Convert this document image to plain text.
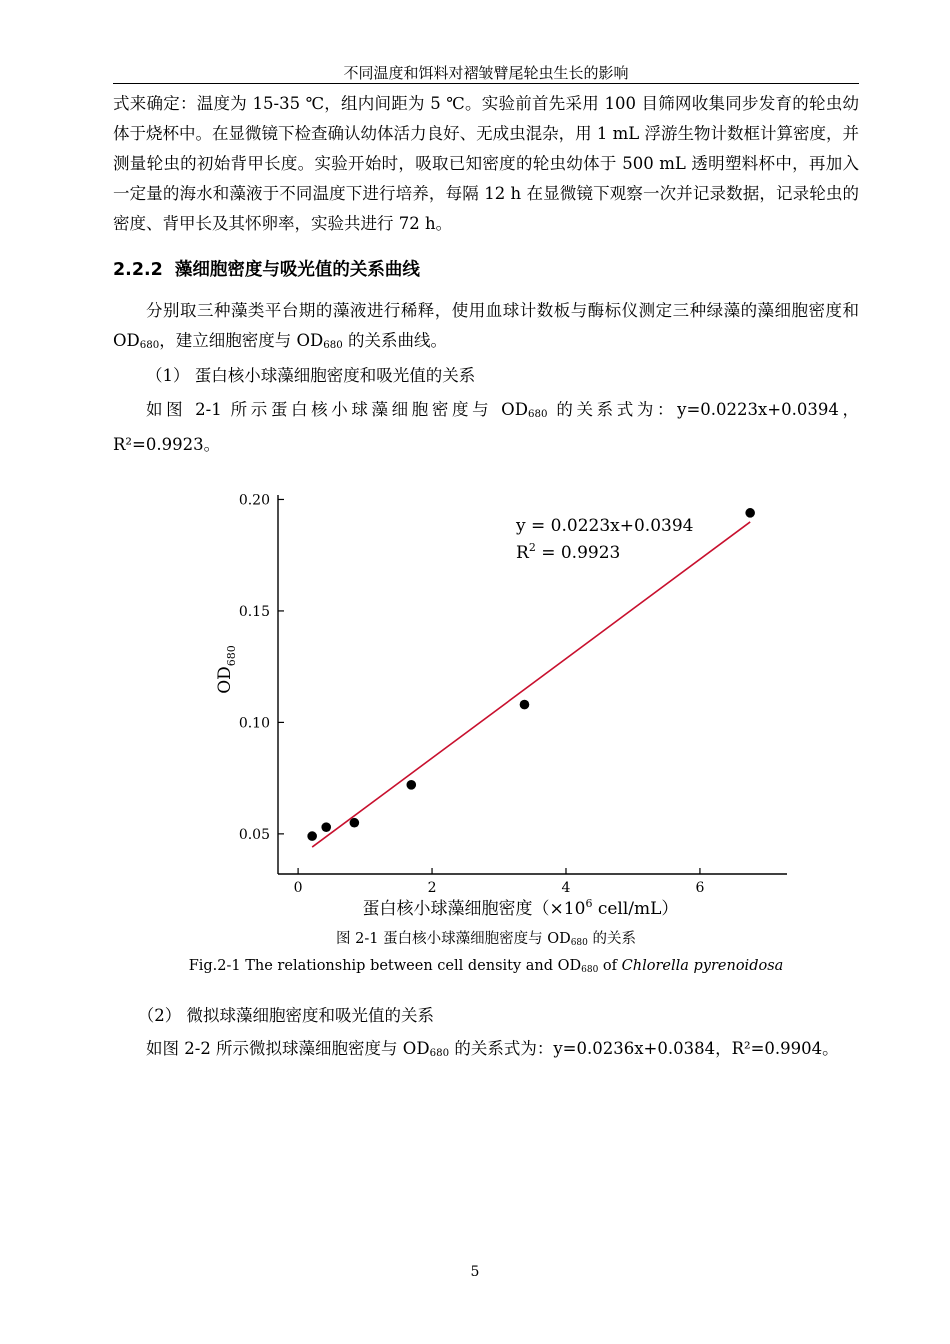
不同温度和饵料对褶皱臂尾轮虫生长的影响
式来确定：温度为 15-35 ℃，组内间距为 5 ℃。实验前首先采用 100 目筛网收集同步发育的轮虫幼体于烧杯中。在显微镜下检查确认幼体活力良好、无成虫混杂，用 1 mL 浮游生物计数框计算密度，并测量轮虫的初始背甲长度。实验开始时，吸取已知密度的轮虫幼体于 500 mL 透明塑料杯中，再加入一定量的海水和藻液于不同温度下进行培养，每隔 12 h 在显微镜下观察一次并记录数据，记录轮虫的密度、背甲长及其怀卵率，实验共进行 72 h。
2.2.2 藻细胞密度与吸光值的关系曲线
分别取三种藻类平台期的藻液进行稀释，使用血球计数板与酶标仪测定三种绿藻的藻细胞密度和 OD680，建立细胞密度与 OD680 的关系曲线。
（1） 蛋白核小球藻细胞密度和吸光值的关系
如图 2-1 所示蛋白核小球藻细胞密度与 OD680 的关系式为：y=0.0223x+0.0394，R²=0.9923。
0.05
0.10
0.15
0.20
0	2	4	6
y = 0.0223x+0.0394
$R^2 = 0.9923$
蛋白核小球藻细胞密度（$\times 10^6$ cell/mL）
$OD_{680}$
图 2-1 蛋白核小球藻细胞密度与 $OD_{680}$ 的关系
Fig.2-1 The relationship between cell density and $OD_{680}$ of Chlorella pyrenoidosa
（2） 微拟球藻细胞密度和吸光值的关系
如图 2-2 所示微拟球藻细胞密度与 OD680 的关系式为：y=0.0236x+0.0384，R²=0.9904。
5
